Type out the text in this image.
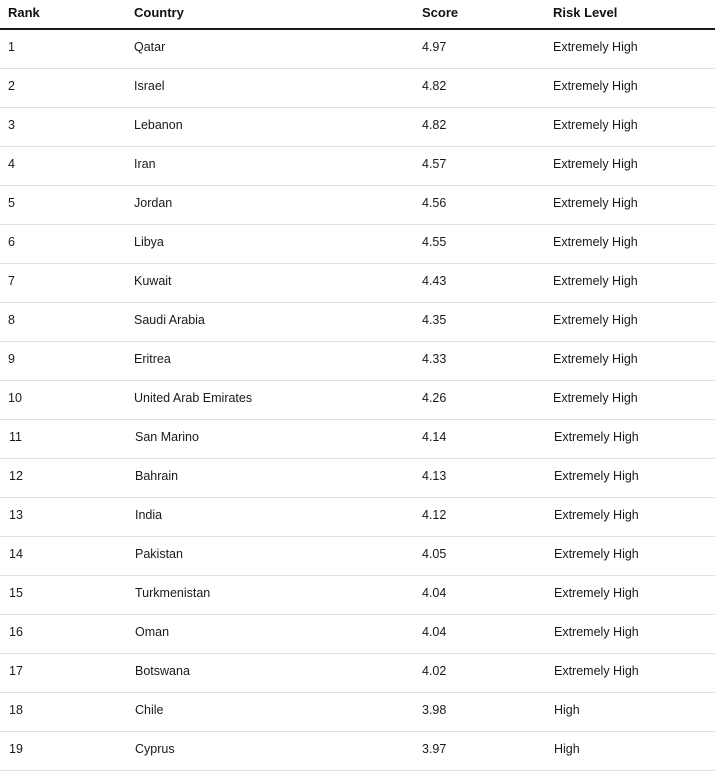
Rank	Country	Score	Risk Level
1	Qatar	4.97	Extremely High
2	Israel	4.82	Extremely High
3	Lebanon	4.82	Extremely High
4	Iran	4.57	Extremely High
5	Jordan	4.56	Extremely High
6	Libya	4.55	Extremely High
7	Kuwait	4.43	Extremely High
8	Saudi Arabia	4.35	Extremely High
9	Eritrea	4.33	Extremely High
10	United Arab Emirates	4.26	Extremely High
11	San Marino	4.14	Extremely High
12	Bahrain	4.13	Extremely High
13	India	4.12	Extremely High
14	Pakistan	4.05	Extremely High
15	Turkmenistan	4.04	Extremely High
16	Oman	4.04	Extremely High
17	Botswana	4.02	Extremely High
18	Chile	3.98	High
19	Cyprus	3.97	High
